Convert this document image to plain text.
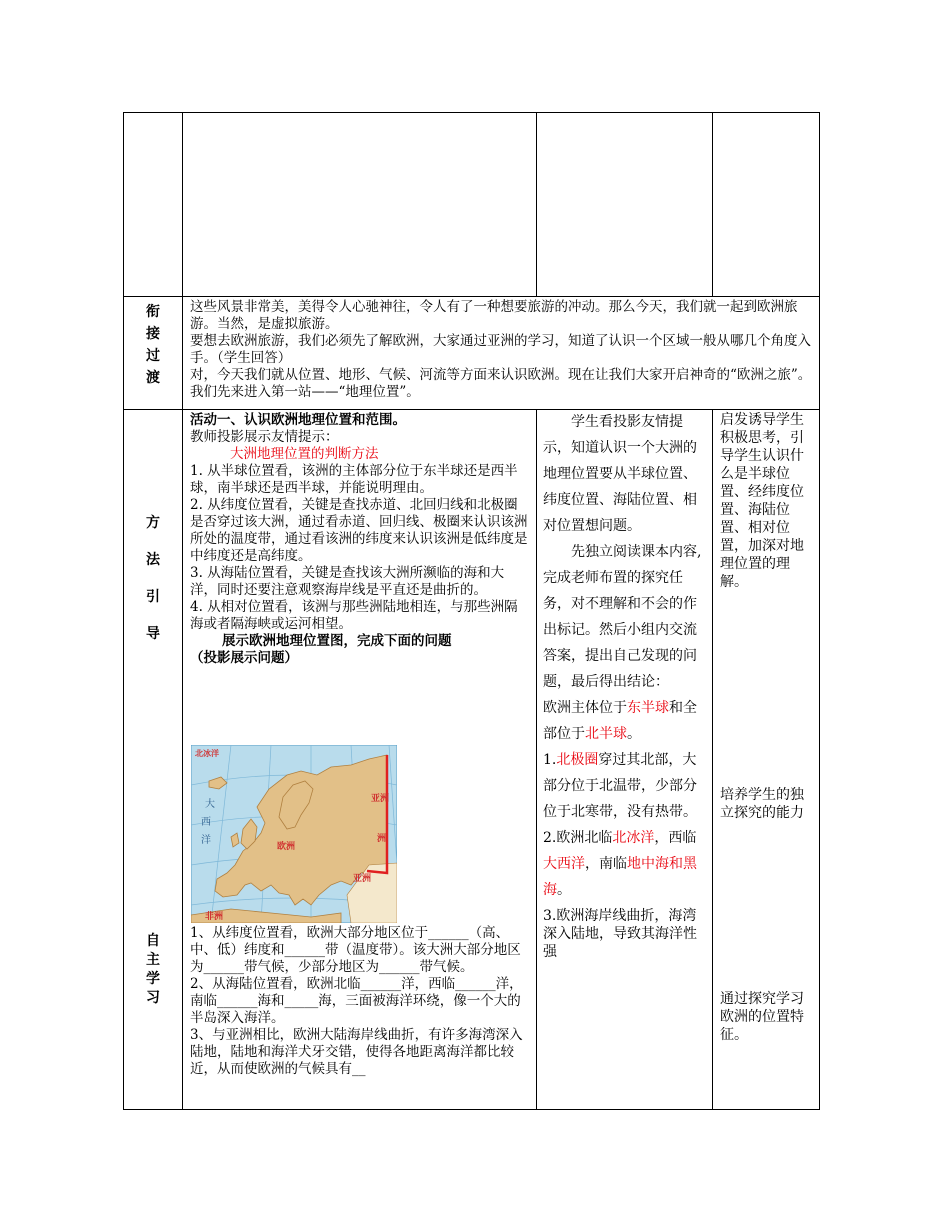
衔
接
过
渡
这些风景非常美，美得令人心驰神往，令人有了一种想要旅游的冲动。那么今天，我们就一起到欧洲旅游。当然，是虚拟旅游。
要想去欧洲旅游，我们必须先了解欧洲，大家通过亚洲的学习，知道了认识一个区域一般从哪几个角度入手。（学生回答）
对，今天我们就从位置、地形、气候、河流等方面来认识欧洲。现在让我们大家开启神奇的“欧洲之旅”。我们先来进入第一站——“地理位置”。
方
法
引
导
自
主
学
习
活动一、认识欧洲地理位置和范围。
教师投影展示友情提示：
大洲地理位置的判断方法
1. 从半球位置看，该洲的主体部分位于东半球还是西半球，南半球还是西半球，并能说明理由。
2. 从纬度位置看，关键是查找赤道、北回归线和北极圈是否穿过该大洲，通过看赤道、回归线、极圈来认识该洲所处的温度带，通过看该洲的纬度来认识该洲是低纬度是中纬度还是高纬度。
3. 从海陆位置看，关键是查找该大洲所濒临的海和大洋，同时还要注意观察海岸线是平直还是曲折的。
4. 从相对位置看，该洲与那些洲陆地相连，与那些洲隔海或者隔海峡或运河相望。
展示欧洲地理位置图，完成下面的问题
（投影展示问题）
北冰洋
亚洲
洲
大
西
洋
欧洲
亚洲
非洲
1、从纬度位置看，欧洲大部分地区位于______（高、中、低）纬度和______带（温度带）。该大洲大部分地区为______带气候，少部分地区为______带气候。
2、从海陆位置看，欧洲北临______洋，西临______洋，南临______海和_____海，三面被海洋环绕，像一个大的半岛深入海洋。
3、与亚洲相比，欧洲大陆海岸线曲折，有许多海湾深入陆地，陆地和海洋犬牙交错，使得各地距离海洋都比较近，从而使欧洲的气候具有__

学生看投影友情提示，知道认识一个大洲的地理位置要从半球位置、纬度位置、海陆位置、相对位置想问题。

先独立阅读课本内容,完成老师布置的探究任务，对不理解和不会的作出标记。然后小组内交流答案，提出自己发现的问题，最后得出结论：

欧洲主体位于东半球和全部位于北半球。

1.北极圈穿过其北部，大部分位于北温带，少部分位于北寒带，没有热带。

2.欧洲北临北冰洋，西临大西洋，南临地中海和黑海。

3.欧洲海岸线曲折，海湾深入陆地，导致其海洋性强

启发诱导学生积极思考，引导学生认识什么是半球位置、经纬度位置、海陆位置、相对位置，加深对地理位置的理解。
培养学生的独立探究的能力
通过探究学习欧洲的位置特征。
